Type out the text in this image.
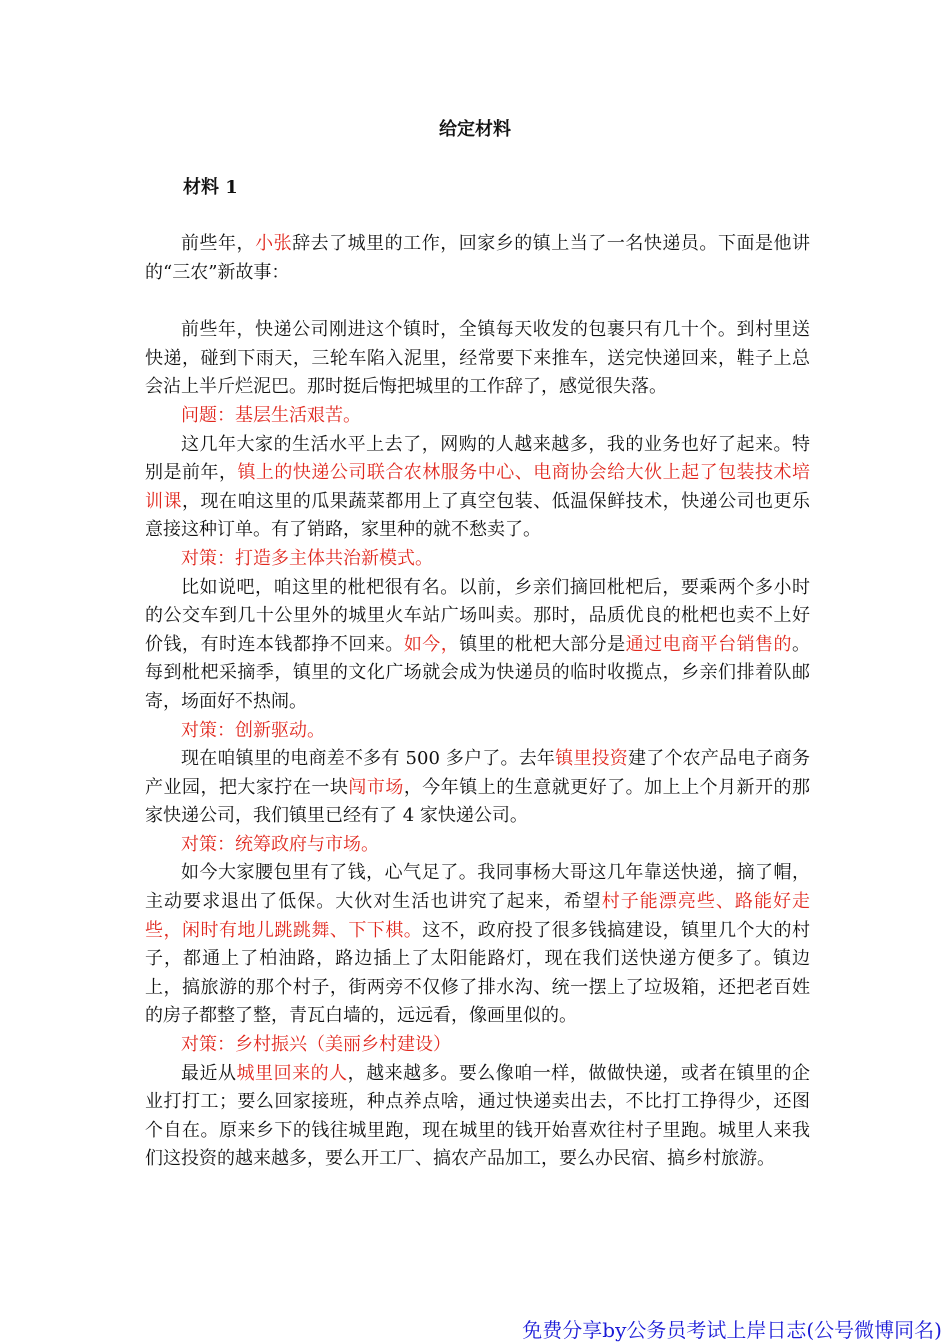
给定材料
材料 1

前些年，小张辞去了城里的工作，回家乡的镇上当了一名快递员。下面是他讲的“三农”新故事：

前些年，快递公司刚进这个镇时，全镇每天收发的包裹只有几十个。到村里送快递，碰到下雨天，三轮车陷入泥里，经常要下来推车，送完快递回来，鞋子上总会沾上半斤烂泥巴。那时挺后悔把城里的工作辞了，感觉很失落。

问题：基层生活艰苦。

这几年大家的生活水平上去了，网购的人越来越多，我的业务也好了起来。特别是前年，镇上的快递公司联合农林服务中心、电商协会给大伙上起了包装技术培训课，现在咱这里的瓜果蔬菜都用上了真空包装、低温保鲜技术，快递公司也更乐意接这种订单。有了销路，家里种的就不愁卖了。

对策：打造多主体共治新模式。

比如说吧，咱这里的枇杷很有名。以前，乡亲们摘回枇杷后，要乘两个多小时的公交车到几十公里外的城里火车站广场叫卖。那时，品质优良的枇杷也卖不上好价钱，有时连本钱都挣不回来。如今，镇里的枇杷大部分是通过电商平台销售的。每到枇杷采摘季，镇里的文化广场就会成为快递员的临时收揽点，乡亲们排着队邮寄，场面好不热闹。

对策：创新驱动。

现在咱镇里的电商差不多有 500 多户了。去年镇里投资建了个农产品电子商务产业园，把大家拧在一块闯市场，今年镇上的生意就更好了。加上上个月新开的那家快递公司，我们镇里已经有了 4 家快递公司。

对策：统筹政府与市场。

如今大家腰包里有了钱，心气足了。我同事杨大哥这几年靠送快递，摘了帽，主动要求退出了低保。大伙对生活也讲究了起来，希望村子能漂亮些、路能好走些，闲时有地儿跳跳舞、下下棋。这不，政府投了很多钱搞建设，镇里几个大的村子，都通上了柏油路，路边插上了太阳能路灯，现在我们送快递方便多了。镇边上，搞旅游的那个村子，街两旁不仅修了排水沟、统一摆上了垃圾箱，还把老百姓的房子都整了整，青瓦白墙的，远远看，像画里似的。

对策：乡村振兴（美丽乡村建设）

最近从城里回来的人，越来越多。要么像咱一样，做做快递，或者在镇里的企业打打工；要么回家接班，种点养点啥，通过快递卖出去，不比打工挣得少，还图个自在。原来乡下的钱往城里跑，现在城里的钱开始喜欢往村子里跑。城里人来我们这投资的越来越多，要么开工厂、搞农产品加工，要么办民宿、搞乡村旅游。

免费分享by公务员考试上岸日志(公号微博同名)
